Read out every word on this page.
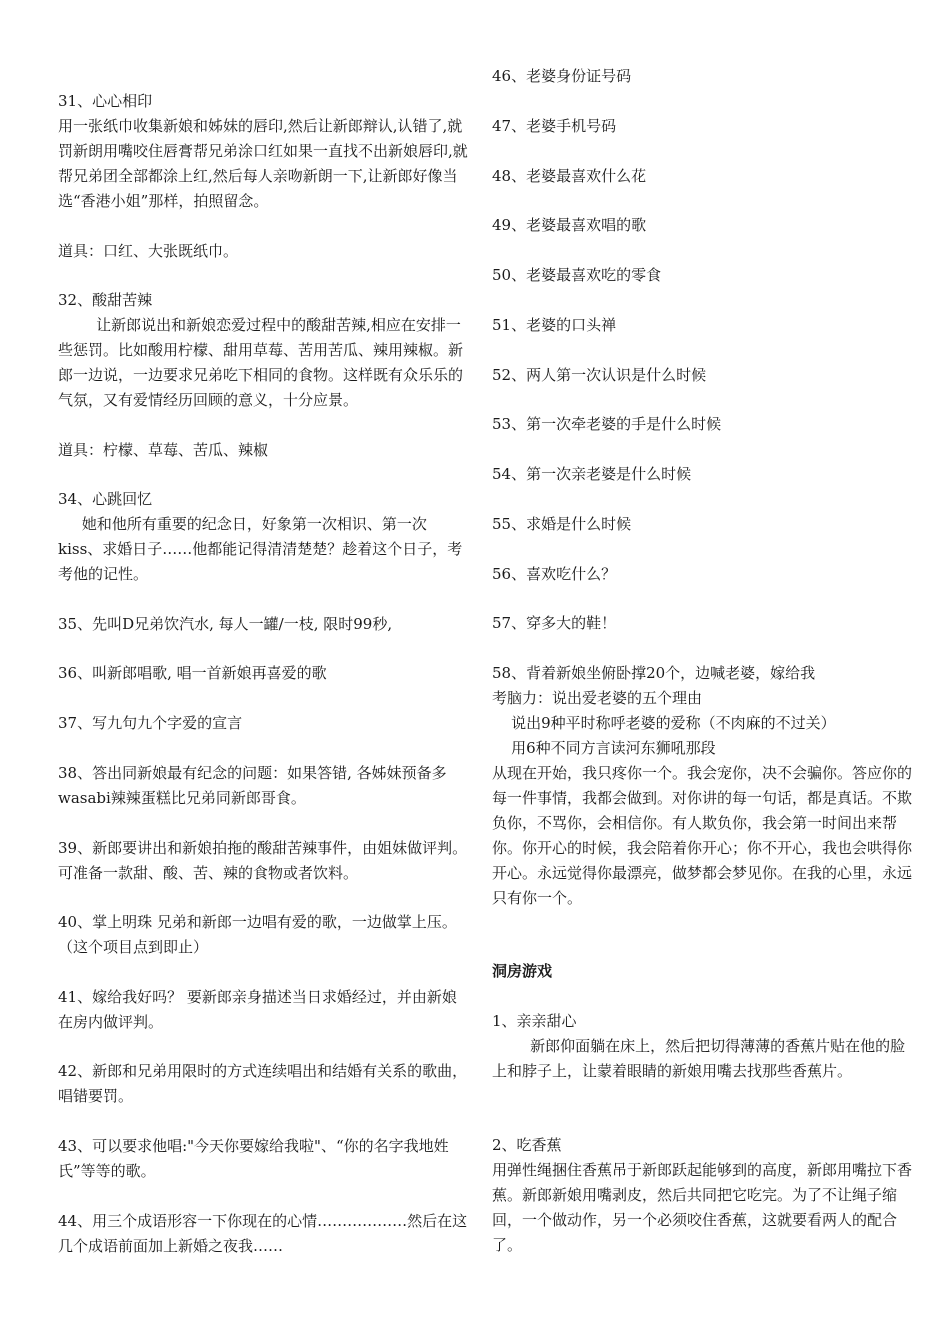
31、心心相印

用一张纸巾收集新娘和姊妹的唇印,然后让新郎辩认,认错了,就罚新朗用嘴咬住唇膏帮兄弟涂口红如果一直找不出新娘唇印,就帮兄弟团全部都涂上红,然后每人亲吻新朗一下,让新郎好像当选“香港小姐”那样，拍照留念。

道具：口红、大张既纸巾。

32、酸甜苦辣

让新郎说出和新娘恋爱过程中的酸甜苦辣,相应在安排一些惩罚。比如酸用柠檬、甜用草莓、苦用苦瓜、辣用辣椒。新郎一边说，一边要求兄弟吃下相同的食物。这样既有众乐乐的气氛，又有爱情经历回顾的意义，十分应景。

道具：柠檬、草莓、苦瓜、辣椒

34、心跳回忆

她和他所有重要的纪念日，好象第一次相识、第一次kiss、求婚日子……他都能记得清清楚楚？趁着这个日子，考考他的记性。

35、先叫D兄弟饮汽水, 每人一罐/一枝, 限时99秒,

36、叫新郎唱歌, 唱一首新娘再喜爱的歌

37、写九句九个字爱的宣言

38、答出同新娘最有纪念的问题：如果答错, 各姊妹预备多wasabi辣辣蛋糕比兄弟同新郎哥食。

39、新郎要讲出和新娘拍拖的酸甜苦辣事件，由姐妹做评判。可准备一款甜、酸、苦、辣的食物或者饮料。

40、掌上明珠 兄弟和新郎一边唱有爱的歌，一边做掌上压。（这个项目点到即止）

41、嫁给我好吗？ 要新郎亲身描述当日求婚经过，并由新娘在房内做评判。

42、新郎和兄弟用限时的方式连续唱出和结婚有关系的歌曲，唱错要罚。

43、可以要求他唱:"今天你要嫁给我啦"、“你的名字我地姓氏”等等的歌。

44、用三个成语形容一下你现在的心情………………然后在这几个成语前面加上新婚之夜我……

46、老婆身份证号码

47、老婆手机号码

48、老婆最喜欢什么花

49、老婆最喜欢唱的歌

50、老婆最喜欢吃的零食

51、老婆的口头禅

52、两人第一次认识是什么时候

53、第一次牵老婆的手是什么时候

54、第一次亲老婆是什么时候

55、求婚是什么时候

56、喜欢吃什么？

57、穿多大的鞋！

58、背着新娘坐俯卧撑20个，边喊老婆，嫁给我

考脑力：说出爱老婆的五个理由

说出9种平时称呼老婆的爱称（不肉麻的不过关）

用6种不同方言读河东狮吼那段

从现在开始，我只疼你一个。我会宠你，决不会骗你。答应你的每一件事情，我都会做到。对你讲的每一句话，都是真话。不欺负你，不骂你，会相信你。有人欺负你，我会第一时间出来帮你。你开心的时候，我会陪着你开心；你不开心，我也会哄得你开心。永远觉得你最漂亮，做梦都会梦见你。在我的心里，永远只有你一个。

洞房游戏

1、亲亲甜心

新郎仰面躺在床上，然后把切得薄薄的香蕉片贴在他的脸上和脖子上，让蒙着眼睛的新娘用嘴去找那些香蕉片。

2、吃香蕉

用弹性绳捆住香蕉吊于新郎跃起能够到的高度，新郎用嘴拉下香蕉。新郎新娘用嘴剥皮，然后共同把它吃完。为了不让绳子缩回，一个做动作，另一个必须咬住香蕉，这就要看两人的配合了。
